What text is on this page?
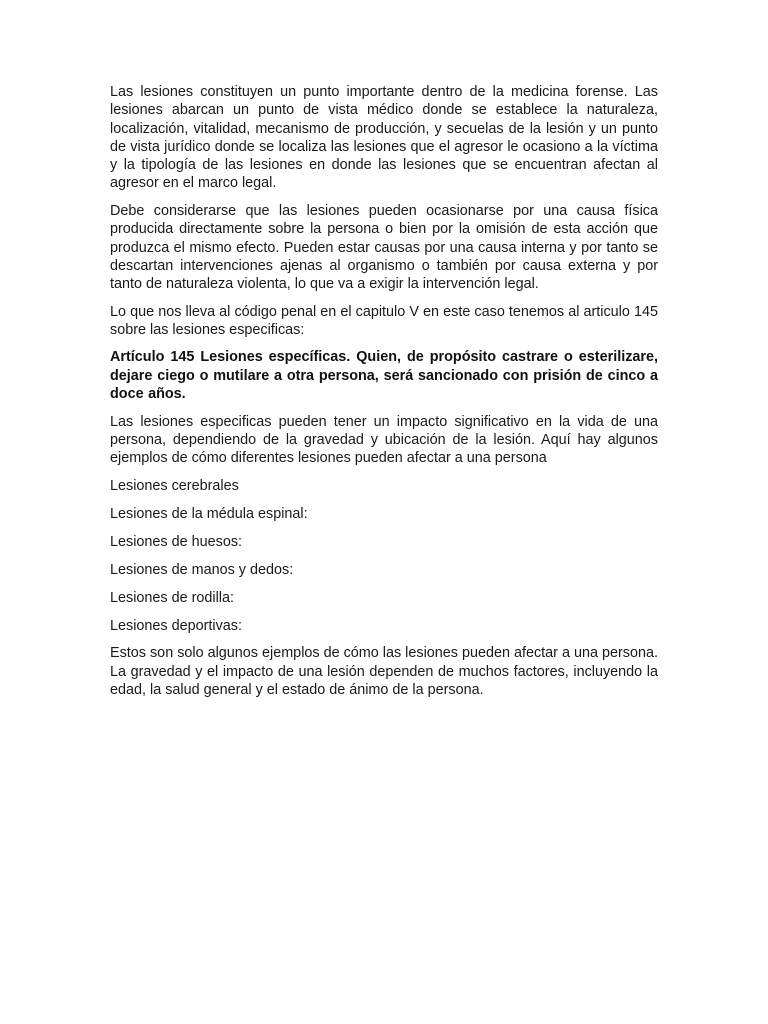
Las lesiones constituyen un punto importante dentro de la medicina forense. Las lesiones abarcan un punto de vista médico donde se establece la naturaleza, localización, vitalidad, mecanismo de producción, y secuelas de la lesión y un punto de vista jurídico donde se localiza las lesiones que el agresor le ocasiono a la víctima y la tipología de las lesiones en donde las lesiones que se encuentran afectan al agresor en el marco legal.

Debe considerarse que las lesiones pueden ocasionarse por una causa física producida directamente sobre la persona o bien por la omisión de esta acción que produzca el mismo efecto. Pueden estar causas por una causa interna y por tanto se descartan intervenciones ajenas al organismo o también por causa externa y por tanto de naturaleza violenta, lo que va a exigir la intervención legal.

Lo que nos lleva al código penal en el capitulo V en este caso tenemos al articulo 145 sobre las lesiones especificas:

Artículo 145 Lesiones específicas. Quien, de propósito castrare o esterilizare, dejare ciego o mutilare a otra persona, será sancionado con prisión de cinco a doce años.

Las lesiones especificas pueden tener un impacto significativo en la vida de una persona, dependiendo de la gravedad y ubicación de la lesión. Aquí hay algunos ejemplos de cómo diferentes lesiones pueden afectar a una persona

Lesiones cerebrales

Lesiones de la médula espinal:

Lesiones de huesos:

Lesiones de manos y dedos:

Lesiones de rodilla:

Lesiones deportivas:

Estos son solo algunos ejemplos de cómo las lesiones pueden afectar a una persona. La gravedad y el impacto de una lesión dependen de muchos factores, incluyendo la edad, la salud general y el estado de ánimo de la persona.
